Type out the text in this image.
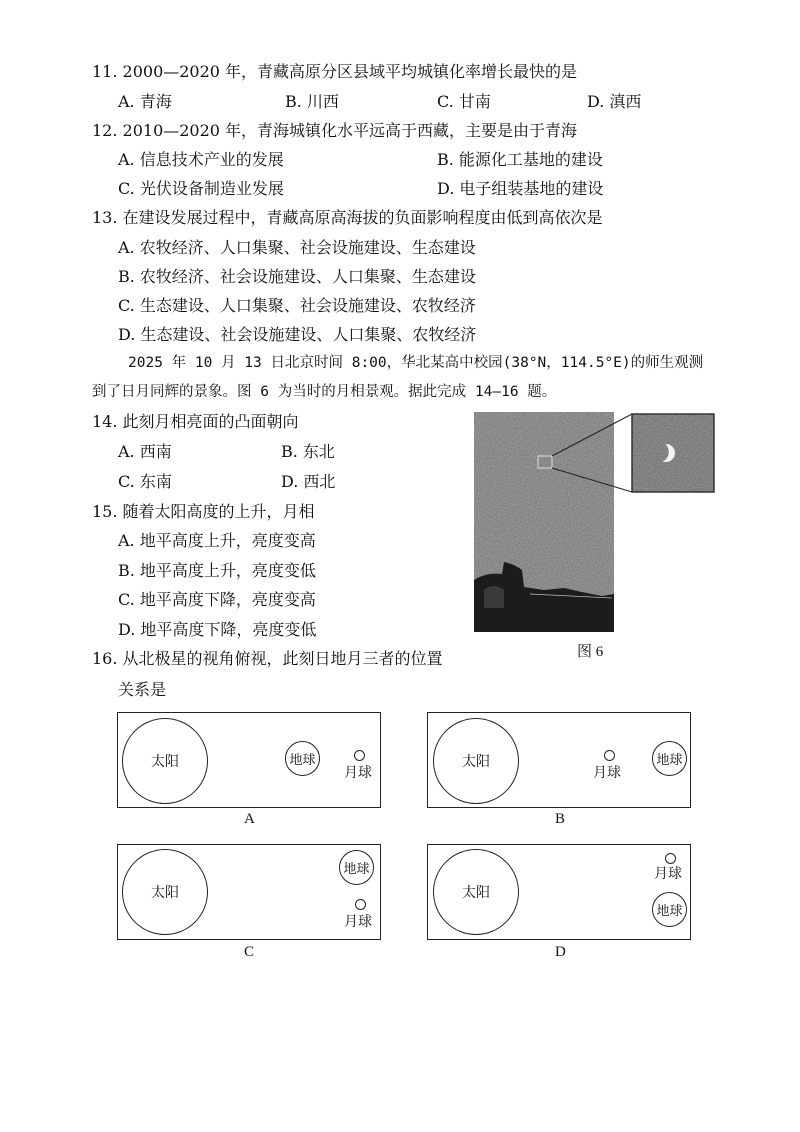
11. 2000—2020 年，青藏高原分区县域平均城镇化率增长最快的是
A. 青海	B. 川西	C. 甘南	D. 滇西
12. 2010—2020 年，青海城镇化水平远高于西藏，主要是由于青海
A. 信息技术产业的发展	B. 能源化工基地的建设
C. 光伏设备制造业发展	D. 电子组装基地的建设
13. 在建设发展过程中，青藏高原高海拔的负面影响程度由低到高依次是
A. 农牧经济、人口集聚、社会设施建设、生态建设
B. 农牧经济、社会设施建设、人口集聚、生态建设
C. 生态建设、人口集聚、社会设施建设、农牧经济
D. 生态建设、社会设施建设、人口集聚、农牧经济
2025 年 10 月 13 日北京时间 8:00，华北某高中校园(38°N，114.5°E)的师生观测
到了日月同辉的景象。图 6 为当时的月相景观。据此完成 14—16 题。
14. 此刻月相亮面的凸面朝向
A. 西南	B. 东北
C. 东南	D. 西北
15. 随着太阳高度的上升，月相
A. 地平高度上升，亮度变高
B. 地平高度上升，亮度变低
C. 地平高度下降，亮度变高
D. 地平高度下降，亮度变低
16. 从北极星的视角俯视，此刻日地月三者的位置
关系是
图 6
太阳	地球
月球
A
太阳
月球
地球
B
太阳
地球
月球
C
太阳
月球
地球
D
